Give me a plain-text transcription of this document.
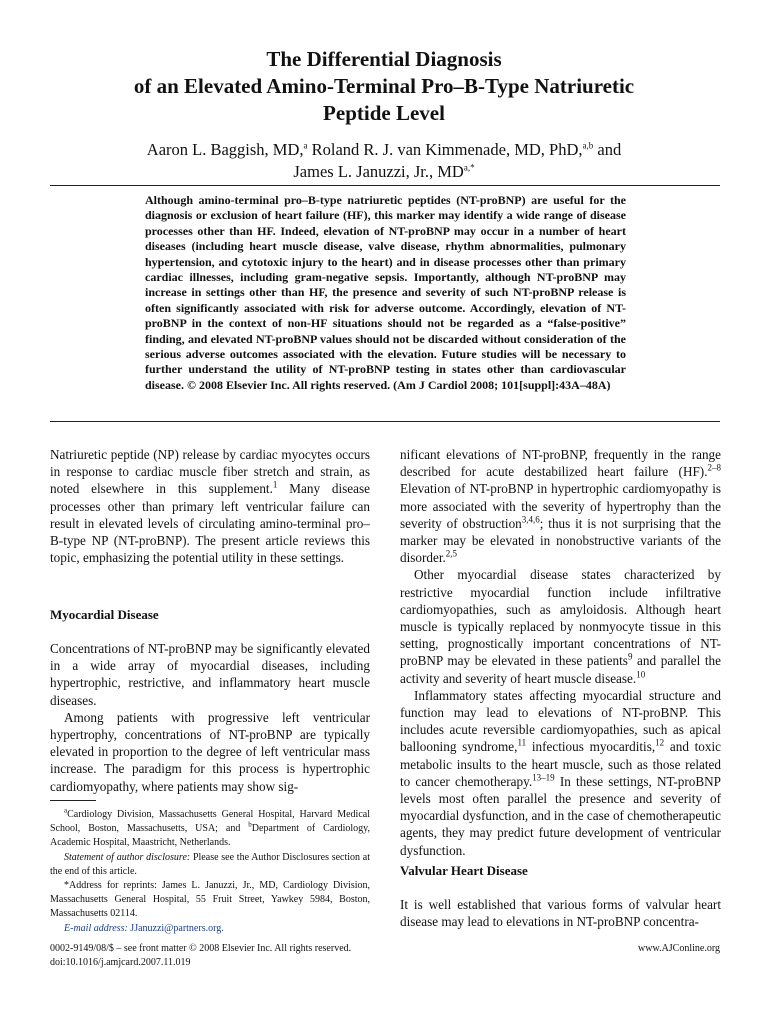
The Differential Diagnosis
of an Elevated Amino-Terminal Pro–B-Type Natriuretic
Peptide Level
Aaron L. Baggish, MD,$^a$ Roland R. J. van Kimmenade, MD, PhD,$^{a,b}$ and
James L. Januzzi, Jr., $MD^{a,*}$
Although amino-terminal pro–B-type natriuretic peptides (NT-proBNP) are useful for the diagnosis or exclusion of heart failure (HF), this marker may identify a wide range of disease processes other than HF. Indeed, elevation of NT-proBNP may occur in a number of heart diseases (including heart muscle disease, valve disease, rhythm abnormalities, pulmonary hypertension, and cytotoxic injury to the heart) and in disease processes other than primary cardiac illnesses, including gram-negative sepsis. Importantly, although NT-proBNP may increase in settings other than HF, the presence and severity of such NT-proBNP release is often significantly associated with risk for adverse outcome. Accordingly, elevation of NT-proBNP in the context of non-HF situations should not be regarded as a “false-positive” finding, and elevated NT-proBNP values should not be discarded without consideration of the serious adverse outcomes associated with the elevation. Future studies will be necessary to further understand the utility of NT-proBNP testing in states other than cardiovascular disease. © 2008 Elsevier Inc. All rights reserved. (Am J Cardiol 2008; 101[suppl]:43A–48A)

Natriuretic peptide (NP) release by cardiac myocytes occurs in response to cardiac muscle fiber stretch and strain, as noted elsewhere in this supplement.$^1$ Many disease processes other than primary left ventricular failure can result in elevated levels of circulating amino-terminal pro–B-type NP (NT-proBNP). The present article reviews this topic, emphasizing the potential utility in these settings.

Myocardial Disease

Concentrations of NT-proBNP may be significantly elevated in a wide array of myocardial diseases, including hypertrophic, restrictive, and inflammatory heart muscle diseases.

Among patients with progressive left ventricular hypertrophy, concentrations of NT-proBNP are typically elevated in proportion to the degree of left ventricular mass increase. The paradigm for this process is hypertrophic cardiomyopathy, where patients may show sig-

$^a$Cardiology Division, Massachusetts General Hospital, Harvard Medical School, Boston, Massachusetts, USA; and $^b$Department of Cardiology, Academic Hospital, Maastricht, Netherlands.

Statement of author disclosure: Please see the Author Disclosures section at the end of this article.

*Address for reprints: James L. Januzzi, Jr., MD, Cardiology Division, Massachusetts General Hospital, 55 Fruit Street, Yawkey 5984, Boston, Massachusetts 02114.

E-mail address: JJanuzzi@partners.org.

nificant elevations of NT-proBNP, frequently in the range described for acute destabilized heart failure (HF).$^{2-8}$ Elevation of NT-proBNP in hypertrophic cardiomyopathy is more associated with the severity of hypertrophy than the severity of obstruction$^{3,4,6}$; thus it is not surprising that the marker may be elevated in nonobstructive variants of the disorder.$^{2,5}$

Other myocardial disease states characterized by restrictive myocardial function include infiltrative cardiomyopathies, such as amyloidosis. Although heart muscle is typically replaced by nonmyocyte tissue in this setting, prognostically important concentrations of NT-proBNP may be elevated in these patients$^9$ and parallel the activity and severity of heart muscle disease.$^{10}$

Inflammatory states affecting myocardial structure and function may lead to elevations of NT-proBNP. This includes acute reversible cardiomyopathies, such as apical ballooning syndrome,$^{11}$ infectious myocarditis,$^{12}$ and toxic metabolic insults to the heart muscle, such as those related to cancer chemotherapy.$^{13-19}$ In these settings, NT-proBNP levels most often parallel the presence and severity of myocardial dysfunction, and in the case of chemotherapeutic agents, they may predict future development of ventricular dysfunction.

Valvular Heart Disease

It is well established that various forms of valvular heart disease may lead to elevations in NT-proBNP concentra-

0002-9149/08/$ – see front matter © 2008 Elsevier Inc. All rights reserved.
doi:10.1016/j.amjcard.2007.11.019
www.AJConline.org
